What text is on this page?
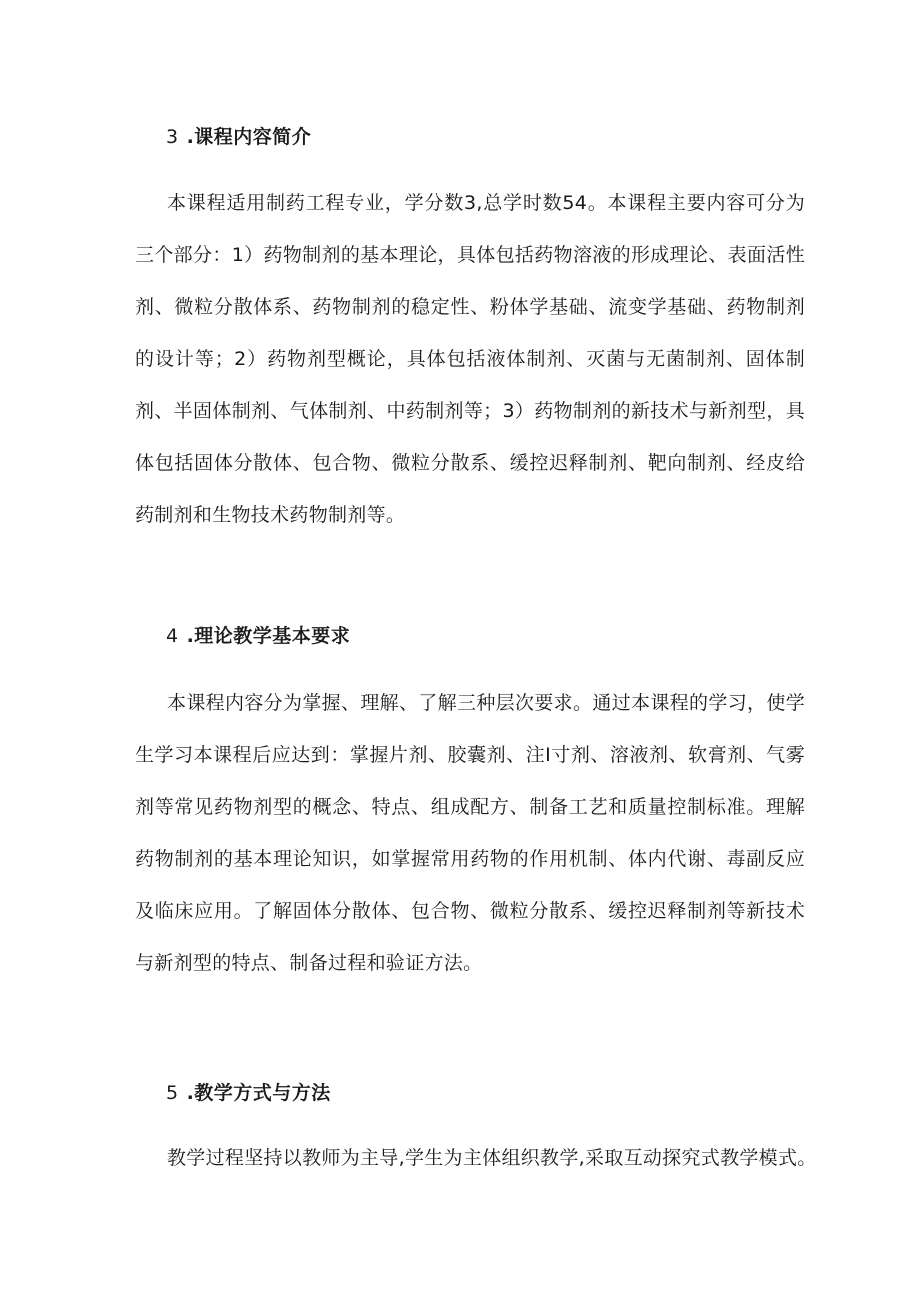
3 .课程内容简介

本课程适用制药工程专业，学分数3,总学时数54。本课程主要内容可分为三个部分：1）药物制剂的基本理论，具体包括药物溶液的形成理论、表面活性剂、微粒分散体系、药物制剂的稳定性、粉体学基础、流变学基础、药物制剂的设计等；2）药物剂型概论，具体包括液体制剂、灭菌与无菌制剂、固体制剂、半固体制剂、气体制剂、中药制剂等；3）药物制剂的新技术与新剂型，具体包括固体分散体、包合物、微粒分散系、缓控迟释制剂、靶向制剂、经皮给药制剂和生物技术药物制剂等。

4 .理论教学基本要求

本课程内容分为掌握、理解、了解三种层次要求。通过本课程的学习，使学生学习本课程后应达到：掌握片剂、胶囊剂、注I寸剂、溶液剂、软膏剂、气雾剂等常见药物剂型的概念、特点、组成配方、制备工艺和质量控制标准。理解药物制剂的基本理论知识，如掌握常用药物的作用机制、体内代谢、毒副反应及临床应用。了解固体分散体、包合物、微粒分散系、缓控迟释制剂等新技术与新剂型的特点、制备过程和验证方法。

5 .教学方式与方法

教学过程坚持以教师为主导,学生为主体组织教学,采取互动探究式教学模式。
